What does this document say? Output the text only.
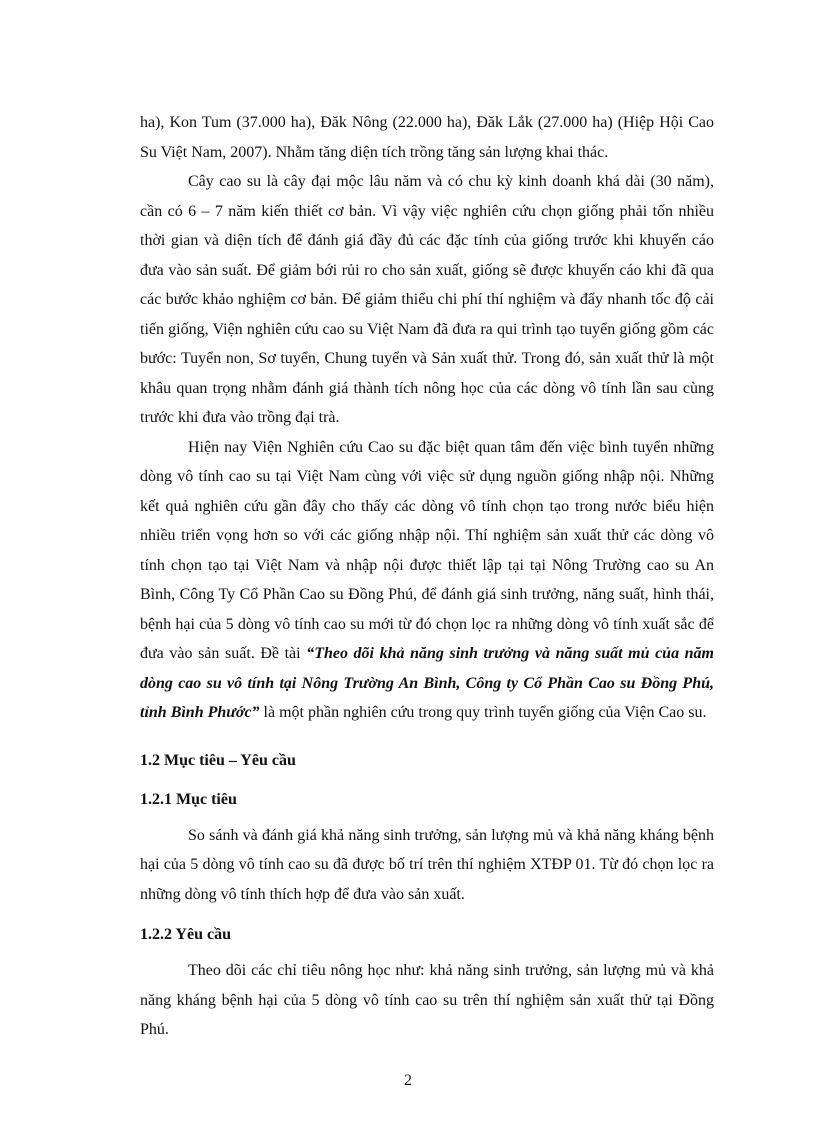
ha), Kon Tum (37.000 ha), Đăk Nông (22.000 ha), Đăk Lắk (27.000 ha) (Hiệp Hội Cao Su Việt Nam, 2007). Nhằm tăng diện tích trồng tăng sản lượng khai thác.

Cây cao su là cây đại mộc lâu năm và có chu kỳ kinh doanh khá dài (30 năm), cần có 6 – 7 năm kiến thiết cơ bản. Vì vậy việc nghiên cứu chọn giống phải tốn nhiều thời gian và diện tích để đánh giá đầy đủ các đặc tính của giống trước khi khuyến cáo đưa vào sản suất. Để giảm bới rủi ro cho sản xuất, giống sẽ được khuyến cáo khi đã qua các bước khảo nghiệm cơ bản. Để giảm thiểu chi phí thí nghiệm và đẩy nhanh tốc độ cải tiến giống, Viện nghiên cứu cao su Việt Nam đã đưa ra qui trình tạo tuyển giống gồm các bước: Tuyển non, Sơ tuyển, Chung tuyển và Sản xuất thử. Trong đó, sản xuất thử là một khâu quan trọng nhằm đánh giá thành tích nông học của các dòng vô tính lần sau cùng trước khi đưa vào trồng đại trà.

Hiện nay Viện Nghiên cứu Cao su đặc biệt quan tâm đến việc bình tuyển những dòng vô tính cao su tại Việt Nam cùng với việc sử dụng nguồn giống nhập nội. Những kết quả nghiên cứu gần đây cho thấy các dòng vô tính chọn tạo trong nước biểu hiện nhiều triển vọng hơn so với các giống nhập nội. Thí nghiệm sản xuất thử các dòng vô tính chọn tạo tại Việt Nam và nhập nội được thiết lập tại tại Nông Trường cao su An Bình, Công Ty Cổ Phần Cao su Đồng Phú, để đánh giá sinh trưởng, năng suất, hình thái, bệnh hại của 5 dòng vô tính cao su mới từ đó chọn lọc ra những dòng vô tính xuất sắc để đưa vào sản suất. Đề tài “Theo dõi khả năng sinh trưởng và năng suất mủ của năm dòng cao su vô tính tại Nông Trường An Bình, Công ty Cổ Phần Cao su Đồng Phú, tỉnh Bình Phước” là một phần nghiên cứu trong quy trình tuyển giống của Viện Cao su.

1.2 Mục tiêu – Yêu cầu
1.2.1 Mục tiêu

So sánh và đánh giá khả năng sinh trưởng, sản lượng mủ và khả năng kháng bệnh hại của 5 dòng vô tính cao su đã được bố trí trên thí nghiệm XTĐP 01. Từ đó chọn lọc ra những dòng vô tính thích hợp để đưa vào sản xuất.

1.2.2 Yêu cầu

Theo dõi các chỉ tiêu nông học như: khả năng sinh trưởng, sản lượng mủ và khả năng kháng bệnh hại của 5 dòng vô tính cao su trên thí nghiệm sản xuất thử tại Đồng Phú.

2
